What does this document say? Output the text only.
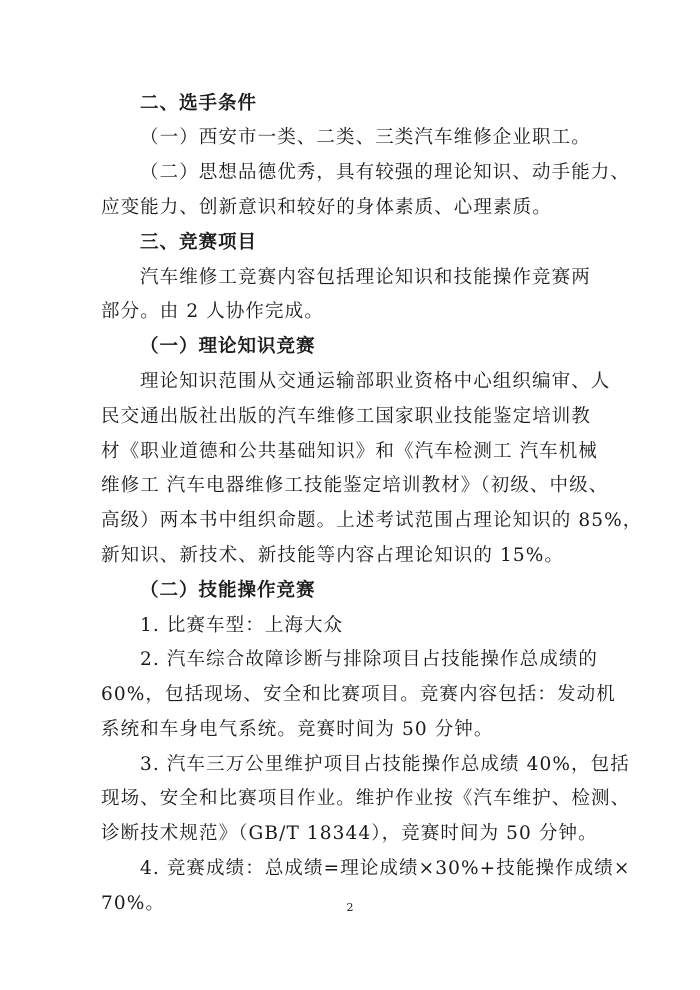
二、选手条件

（一）西安市一类、二类、三类汽车维修企业职工。

（二）思想品德优秀，具有较强的理论知识、动手能力、

应变能力、创新意识和较好的身体素质、心理素质。

三、竞赛项目

汽车维修工竞赛内容包括理论知识和技能操作竞赛两

部分。由 2 人协作完成。

（一）理论知识竞赛

理论知识范围从交通运输部职业资格中心组织编审、人

民交通出版社出版的汽车维修工国家职业技能鉴定培训教

材《职业道德和公共基础知识》和《汽车检测工 汽车机械

维修工 汽车电器维修工技能鉴定培训教材》（初级、中级、

高级）两本书中组织命题。上述考试范围占理论知识的 85%，

新知识、新技术、新技能等内容占理论知识的 15%。

（二）技能操作竞赛

1. 比赛车型：上海大众

2. 汽车综合故障诊断与排除项目占技能操作总成绩的

60%，包括现场、安全和比赛项目。竞赛内容包括：发动机

系统和车身电气系统。竞赛时间为 50 分钟。

3. 汽车三万公里维护项目占技能操作总成绩 40%，包括

现场、安全和比赛项目作业。维护作业按《汽车维护、检测、

诊断技术规范》（GB/T 18344），竞赛时间为 50 分钟。

4. 竞赛成绩：总成绩=理论成绩×30%+技能操作成绩×

70%。	2
